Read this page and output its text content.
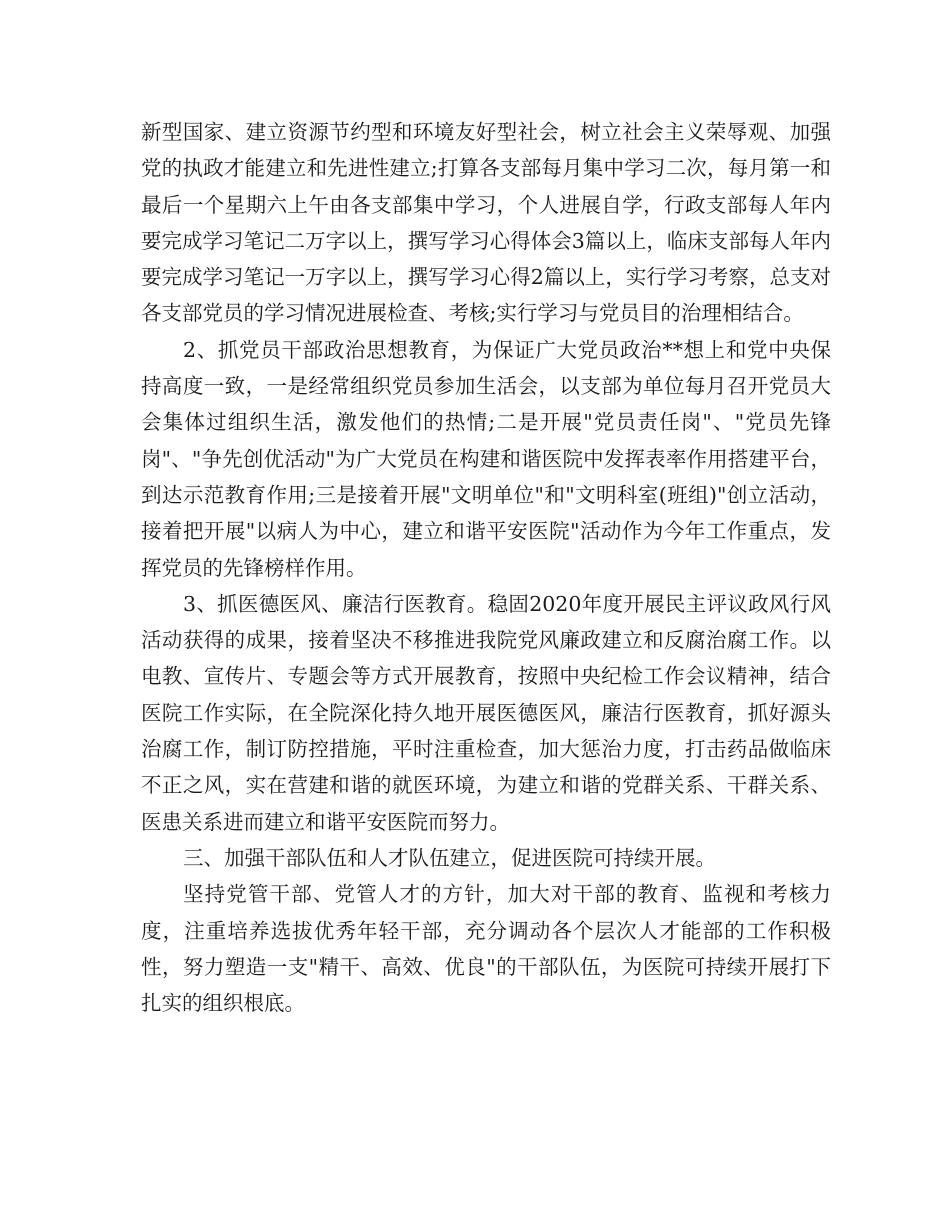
新型国家、建立资源节约型和环境友好型社会，树立社会主义荣辱观、加强党的执政才能建立和先进性建立;打算各支部每月集中学习二次，每月第一和最后一个星期六上午由各支部集中学习，个人进展自学，行政支部每人年内要完成学习笔记二万字以上，撰写学习心得体会3篇以上，临床支部每人年内要完成学习笔记一万字以上，撰写学习心得2篇以上，实行学习考察，总支对各支部党员的学习情况进展检查、考核;实行学习与党员目的治理相结合。

2、抓党员干部政治思想教育，为保证广大党员政治**想上和党中央保持高度一致，一是经常组织党员参加生活会，以支部为单位每月召开党员大会集体过组织生活，激发他们的热情;二是开展"党员责任岗"、"党员先锋岗"、"争先创优活动"为广大党员在构建和谐医院中发挥表率作用搭建平台，到达示范教育作用;三是接着开展"文明单位"和"文明科室(班组)"创立活动，接着把开展"以病人为中心，建立和谐平安医院"活动作为今年工作重点，发挥党员的先锋榜样作用。

3、抓医德医风、廉洁行医教育。稳固2020年度开展民主评议政风行风活动获得的成果，接着坚决不移推进我院党风廉政建立和反腐治腐工作。以电教、宣传片、专题会等方式开展教育，按照中央纪检工作会议精神，结合医院工作实际，在全院深化持久地开展医德医风，廉洁行医教育，抓好源头治腐工作，制订防控措施，平时注重检查，加大惩治力度，打击药品做临床不正之风，实在营建和谐的就医环境，为建立和谐的党群关系、干群关系、医患关系进而建立和谐平安医院而努力。

三、加强干部队伍和人才队伍建立，促进医院可持续开展。

坚持党管干部、党管人才的方针，加大对干部的教育、监视和考核力度，注重培养选拔优秀年轻干部，充分调动各个层次人才能部的工作积极性，努力塑造一支"精干、高效、优良"的干部队伍，为医院可持续开展打下扎实的组织根底。
